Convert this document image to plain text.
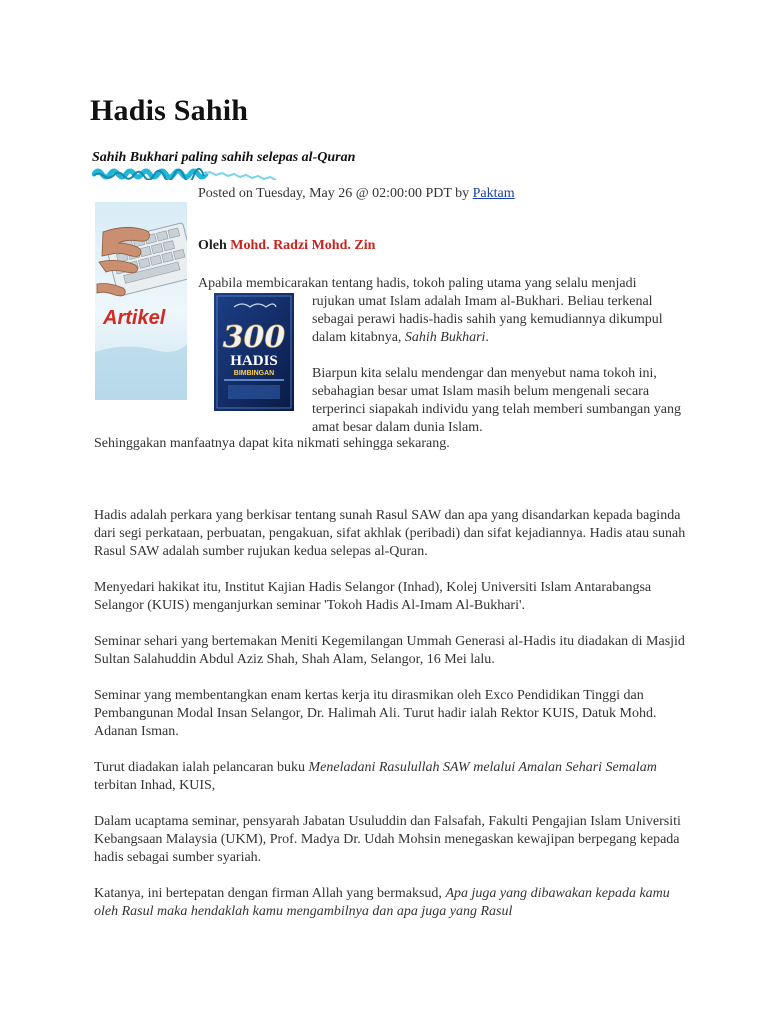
Hadis Sahih
Sahih Bukhari paling sahih selepas al-Quran
Posted on Tuesday, May 26 @ 02:00:00 PDT by Paktam
Artikel
Oleh Mohd. Radzi Mohd. Zin
Apabila membicarakan tentang hadis, tokoh paling utama yang selalu menjadi
300
HADIS
BIMBINGAN

rujukan umat Islam adalah Imam al-Bukhari. Beliau terkenal sebagai perawi hadis-hadis sahih yang kemudiannya dikumpul dalam kitabnya, Sahih Bukhari.

Biarpun kita selalu mendengar dan menyebut nama tokoh ini, sebahagian besar umat Islam masih belum mengenali secara terperinci siapakah individu yang telah memberi sumbangan yang amat besar dalam dunia Islam.

Sehinggakan manfaatnya dapat kita nikmati sehingga sekarang.

Hadis adalah perkara yang berkisar tentang sunah Rasul SAW dan apa yang disandarkan kepada baginda dari segi perkataan, perbuatan, pengakuan, sifat akhlak (peribadi) dan sifat kejadiannya. Hadis atau sunah Rasul SAW adalah sumber rujukan kedua selepas al-Quran.

Menyedari hakikat itu, Institut Kajian Hadis Selangor (Inhad), Kolej Universiti Islam Antarabangsa Selangor (KUIS) menganjurkan seminar 'Tokoh Hadis Al-Imam Al-Bukhari'.

Seminar sehari yang bertemakan Meniti Kegemilangan Ummah Generasi al-Hadis itu diadakan di Masjid Sultan Salahuddin Abdul Aziz Shah, Shah Alam, Selangor, 16 Mei lalu.

Seminar yang membentangkan enam kertas kerja itu dirasmikan oleh Exco Pendidikan Tinggi dan Pembangunan Modal Insan Selangor, Dr. Halimah Ali. Turut hadir ialah Rektor KUIS, Datuk Mohd. Adanan Isman.

Turut diadakan ialah pelancaran buku Meneladani Rasulullah SAW melalui Amalan Sehari Semalam terbitan Inhad, KUIS,

Dalam ucaptama seminar, pensyarah Jabatan Usuluddin dan Falsafah, Fakulti Pengajian Islam Universiti Kebangsaan Malaysia (UKM), Prof. Madya Dr. Udah Mohsin menegaskan kewajipan berpegang kepada hadis sebagai sumber syariah.

Katanya, ini bertepatan dengan firman Allah yang bermaksud, Apa juga yang dibawakan kepada kamu oleh Rasul maka hendaklah kamu mengambilnya dan apa juga yang Rasul
